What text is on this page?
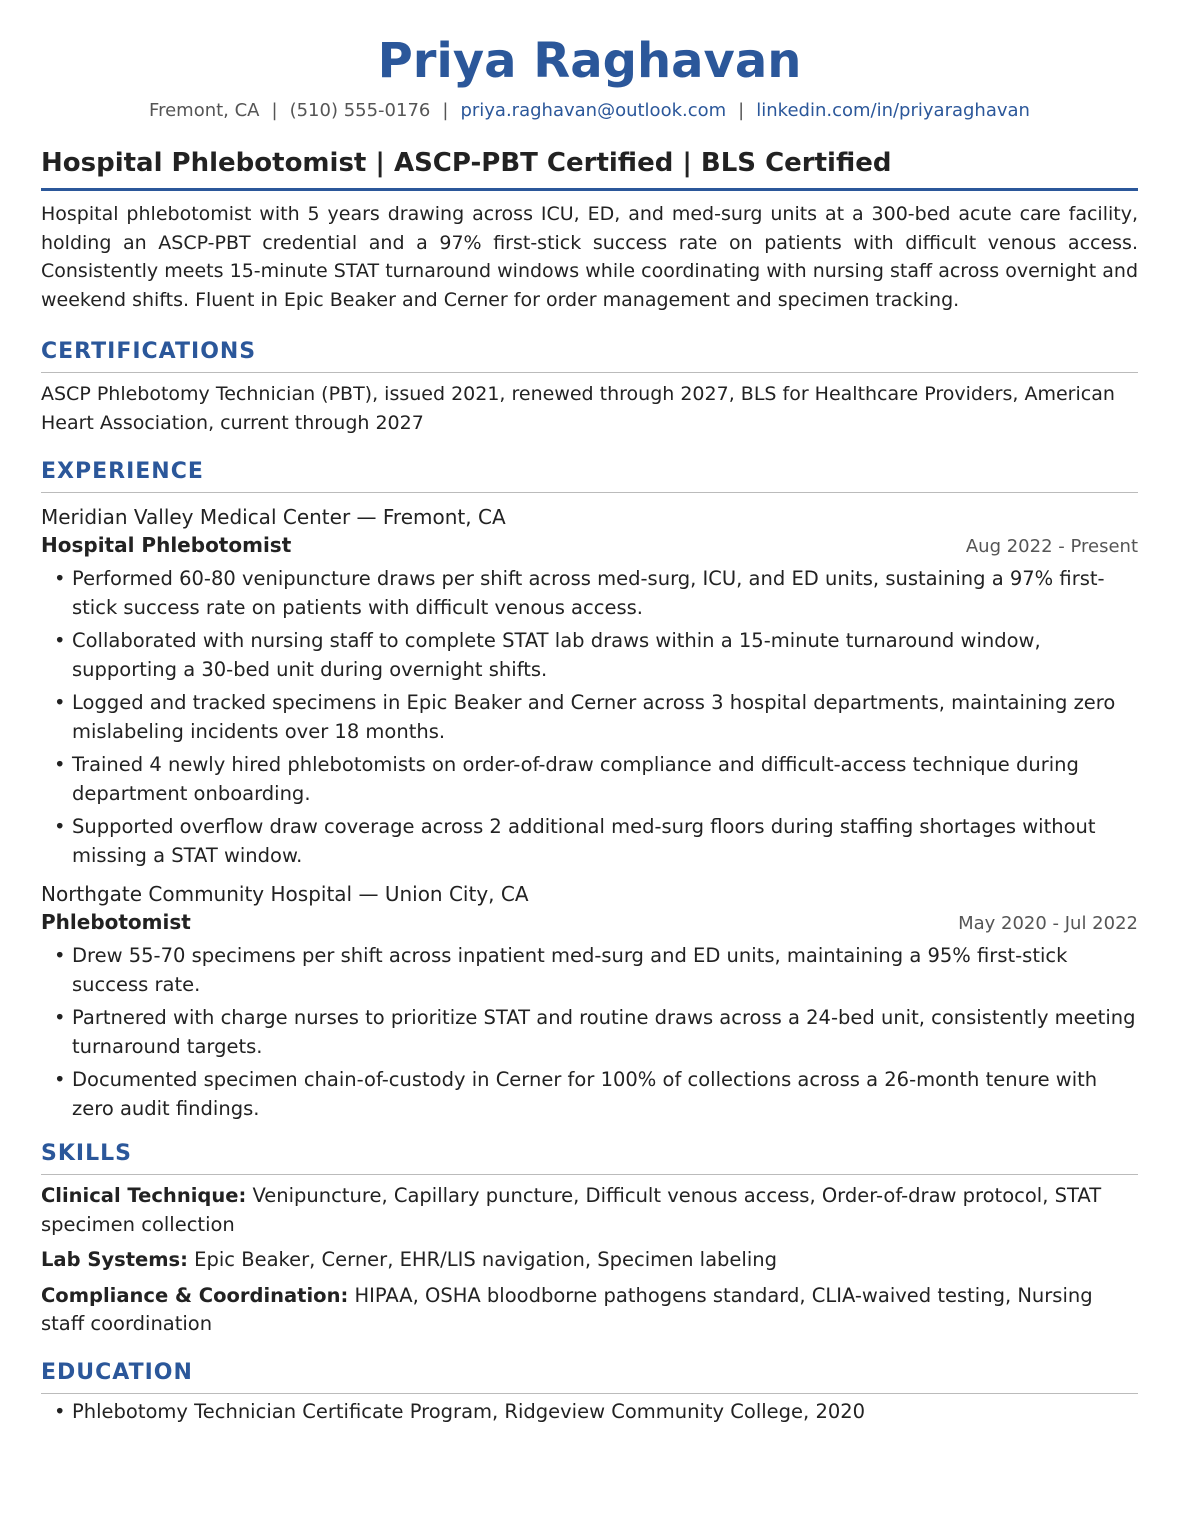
Priya Raghavan
Fremont, CA | (510) 555-0176 | priya.raghavan@outlook.com | linkedin.com/in/priyaraghavan
Hospital Phlebotomist | ASCP-PBT Certified | BLS Certified
Hospital phlebotomist with 5 years drawing across ICU, ED, and med-surg units at a 300-bed acute care facility, holding an ASCP-PBT credential and a 97% first-stick success rate on patients with difficult venous access. Consistently meets 15-minute STAT turnaround windows while coordinating with nursing staff across overnight and weekend shifts. Fluent in Epic Beaker and Cerner for order management and specimen tracking.
CERTIFICATIONS
ASCP Phlebotomy Technician (PBT), issued 2021, renewed through 2027, BLS for Healthcare Providers, American Heart Association, current through 2027
EXPERIENCE
Meridian Valley Medical Center — Fremont, CA
Hospital Phlebotomist	Aug 2022 - Present
• Performed 60-80 venipuncture draws per shift across med-surg, ICU, and ED units, sustaining a 97% first-stick success rate on patients with difficult venous access.
• Collaborated with nursing staff to complete STAT lab draws within a 15-minute turnaround window, supporting a 30-bed unit during overnight shifts.
• Logged and tracked specimens in Epic Beaker and Cerner across 3 hospital departments, maintaining zero mislabeling incidents over 18 months.
• Trained 4 newly hired phlebotomists on order-of-draw compliance and difficult-access technique during department onboarding.
• Supported overflow draw coverage across 2 additional med-surg floors during staffing shortages without missing a STAT window.
Northgate Community Hospital — Union City, CA
Phlebotomist	May 2020 - Jul 2022
• Drew 55-70 specimens per shift across inpatient med-surg and ED units, maintaining a 95% first-stick success rate.
• Partnered with charge nurses to prioritize STAT and routine draws across a 24-bed unit, consistently meeting turnaround targets.
• Documented specimen chain-of-custody in Cerner for 100% of collections across a 26-month tenure with zero audit findings.
SKILLS
Clinical Technique: Venipuncture, Capillary puncture, Difficult venous access, Order-of-draw protocol, STAT specimen collection
Lab Systems: Epic Beaker, Cerner, EHR/LIS navigation, Specimen labeling
Compliance & Coordination: HIPAA, OSHA bloodborne pathogens standard, CLIA-waived testing, Nursing staff coordination
EDUCATION
• Phlebotomy Technician Certificate Program, Ridgeview Community College, 2020
